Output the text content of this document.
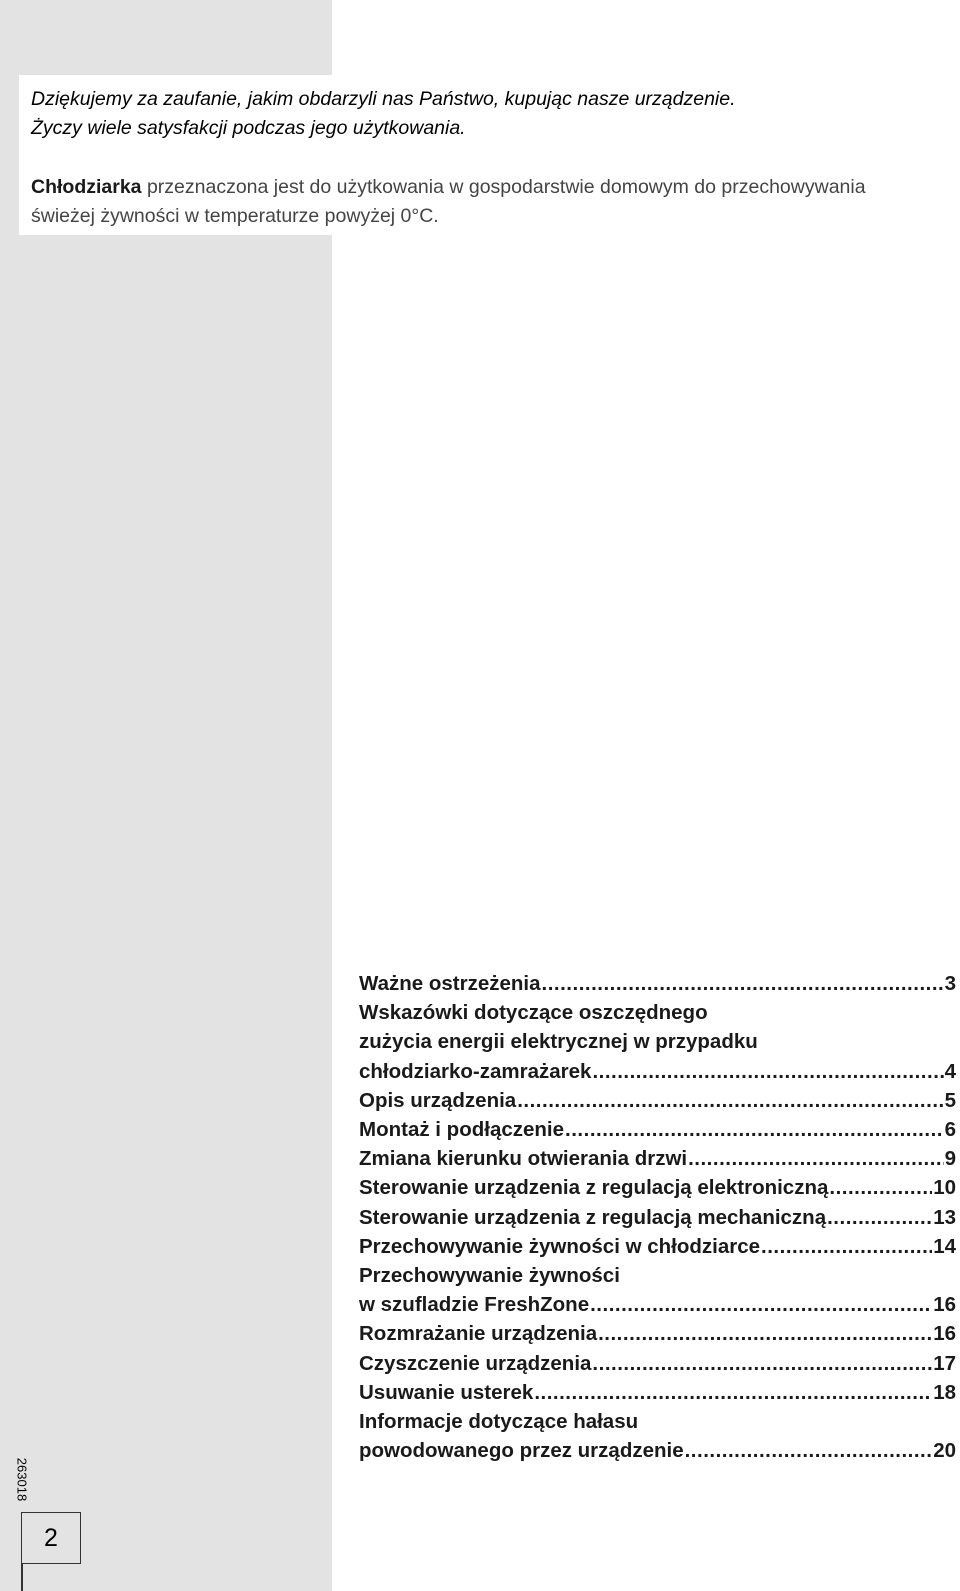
Dziękujemy za zaufanie, jakim obdarzyli nas Państwo, kupując nasze urządzenie.
Życzy wiele satysfakcji podczas jego użytkowania.
Chłodziarka przeznaczona jest do użytkowania w gospodarstwie domowym do przechowywania
świeżej żywności w temperaturze powyżej 0°C.
Ważne ostrzeżenia .....	3
Wskazówki dotyczące oszczędnego
zużycia energii elektrycznej w przypadku
chłodziarko-zamrażarek .....	4
Opis urządzenia .....	5
Montaż i podłączenie .....	6
Zmiana kierunku otwierania drzwi .....	9
Sterowanie urządzenia z regulacją elektroniczną .....	10
Sterowanie urządzenia z regulacją mechaniczną .....	13
Przechowywanie żywności w chłodziarce .....	14
Przechowywanie żywności
w szufladzie FreshZone .....	16
Rozmrażanie urządzenia .....	16
Czyszczenie urządzenia .....	17
Usuwanie usterek .....	18
Informacje dotyczące hałasu
powodowanego przez urządzenie .....	20
263018
2
